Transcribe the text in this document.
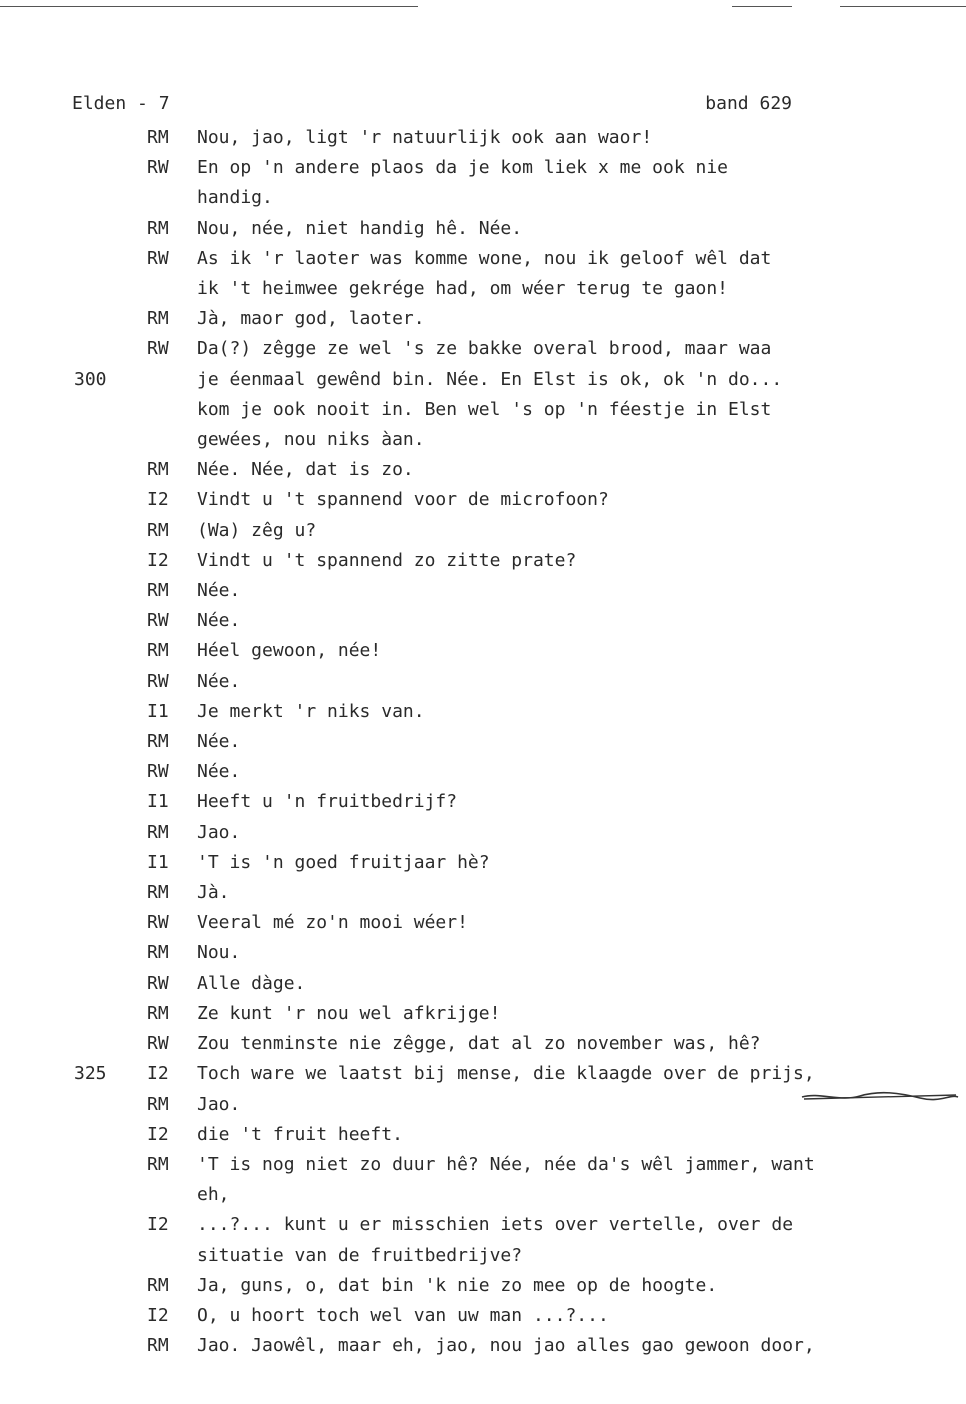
Elden - 7	band 629
RM Nou, jao, ligt 'r natuurlijk ook aan waor!

RW En op 'n andere plaos da je kom liek x me ook nie

handig.

RM Nou, née, niet handig hê. Née.

RW As ik 'r laoter was komme wone, nou ik geloof wêl dat

ik 't heimwee gekrége had, om wéer terug te gaon!

RM Jà, maor god, laoter.

RW Da(?) zêgge ze wel 's ze bakke overal brood, maar waa

300	je éenmaal gewênd bin. Née. En Elst is ok, ok 'n do...

kom je ook nooit in. Ben wel 's op 'n féestje in Elst

gewées, nou niks àan.

RM Née. Née, dat is zo.

I2 Vindt u 't spannend voor de microfoon?

RM (Wa) zêg u?

I2 Vindt u 't spannend zo zitte prate?

RM Née.

RW Née.

RM Héel gewoon, née!

RW Née.

I1 Je merkt 'r niks van.

RM Née.

RW Née.

I1 Heeft u 'n fruitbedrijf?

RM Jao.

I1 'T is 'n goed fruitjaar hè?

RM Jà.

RW Veeral mé zo'n mooi wéer!

RM Nou.

RW Alle dàge.

RM Ze kunt 'r nou wel afkrijge!

RW Zou tenminste nie zêgge, dat al zo november was, hê?

325 I2 Toch ware we laatst bij mense, die klaagde over de prijs,

RM Jao.

I2 die 't fruit heeft.

RM 'T is nog niet zo duur hê? Née, née da's wêl jammer, want

eh,

I2 ...?... kunt u er misschien iets over vertelle, over de

situatie van de fruitbedrijve?

RM Ja, guns, o, dat bin 'k nie zo mee op de hoogte.

I2 O, u hoort toch wel van uw man ...?...

RM Jao. Jaowêl, maar eh, jao, nou jao alles gao gewoon door,
